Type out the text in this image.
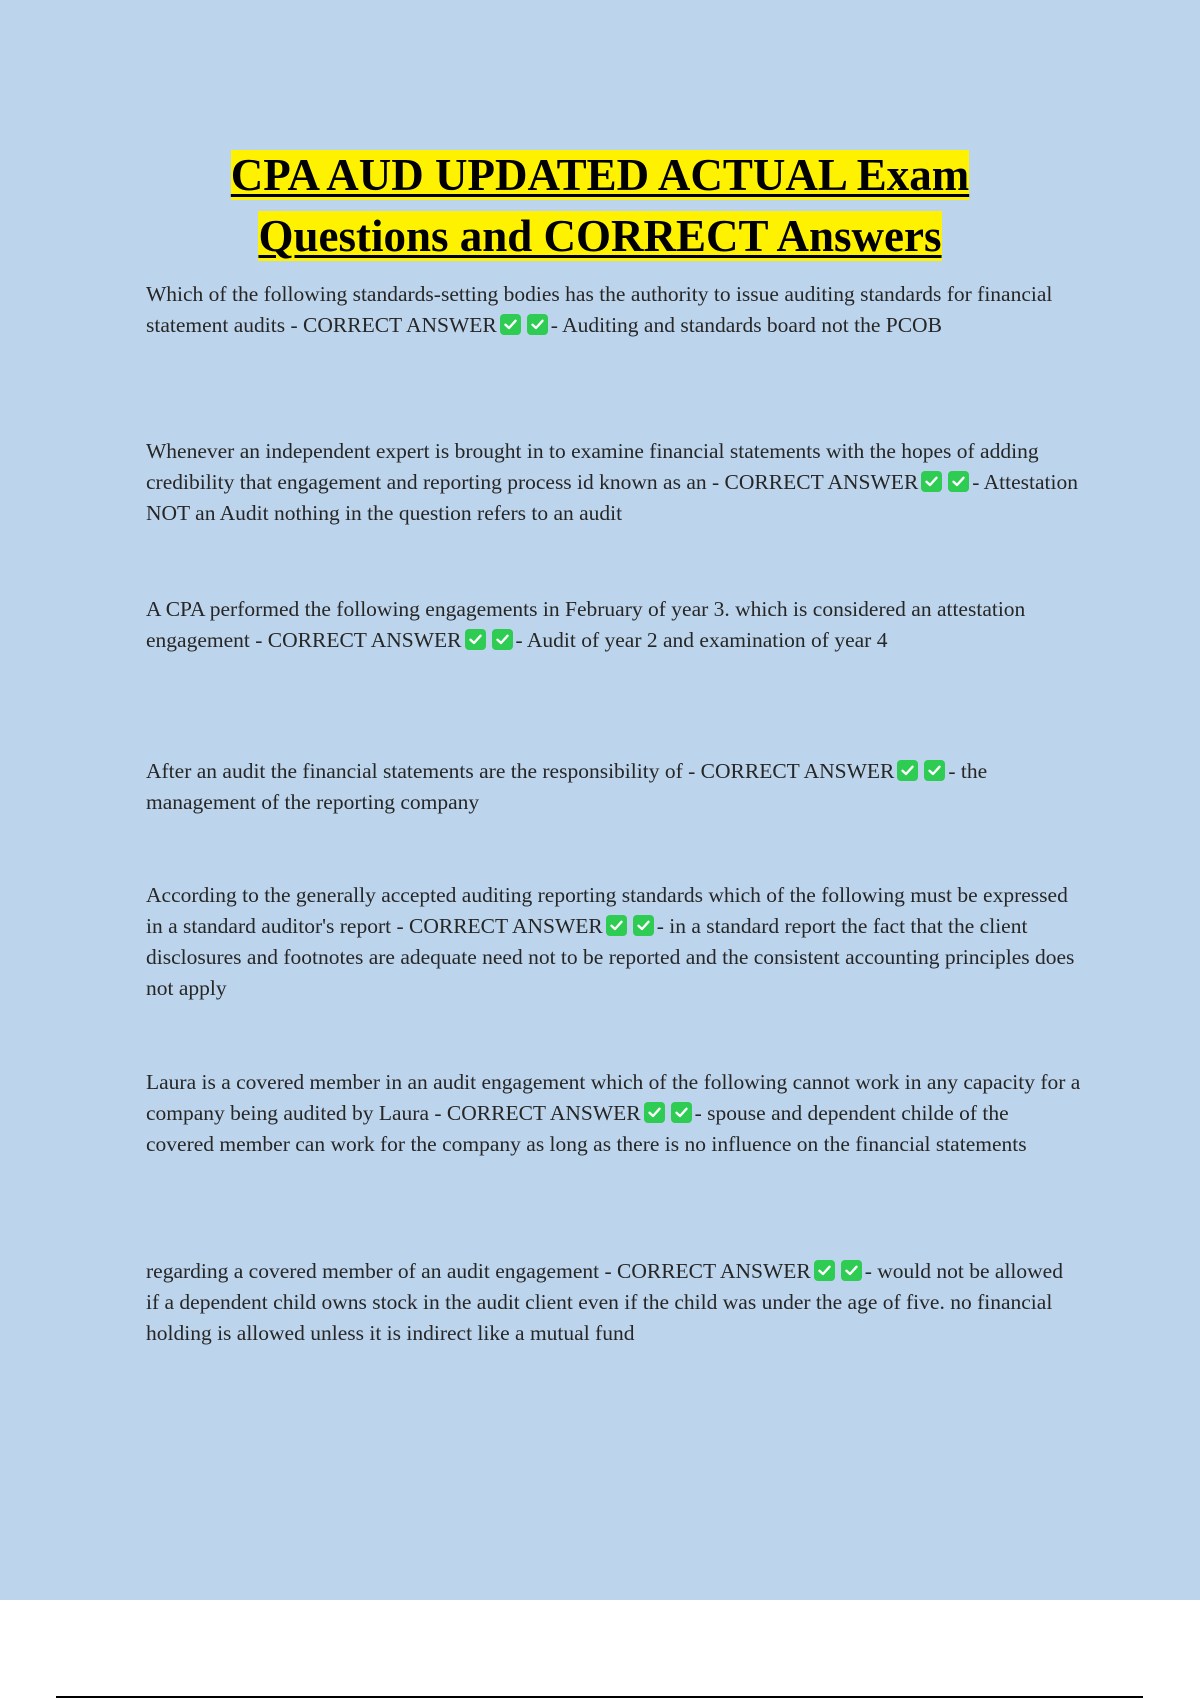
CPA AUD UPDATED ACTUAL Exam
Questions and CORRECT Answers

Which of the following standards-setting bodies has the authority to issue auditing standards for financial statement audits - CORRECT ANSWER	- Auditing and standards board not the PCOB

Whenever an independent expert is brought in to examine financial statements with the hopes of adding credibility that engagement and reporting process id known as an - CORRECT ANSWER	- Attestation NOT an Audit nothing in the question refers to an audit

A CPA performed the following engagements in February of year 3. which is considered an attestation engagement - CORRECT ANSWER	- Audit of year 2 and examination of year 4

After an audit the financial statements are the responsibility of - CORRECT ANSWER	- the management of the reporting company

According to the generally accepted auditing reporting standards which of the following must be expressed in a standard auditor's report - CORRECT ANSWER	- in a standard report the fact that the client disclosures and footnotes are adequate need not to be reported and the consistent accounting principles does not apply

Laura is a covered member in an audit engagement which of the following cannot work in any capacity for a company being audited by Laura - CORRECT ANSWER	- spouse and dependent childe of the covered member can work for the company as long as there is no influence on the financial statements

regarding a covered member of an audit engagement - CORRECT ANSWER	- would not be allowed if a dependent child owns stock in the audit client even if the child was under the age of five. no financial holding is allowed unless it is indirect like a mutual fund
